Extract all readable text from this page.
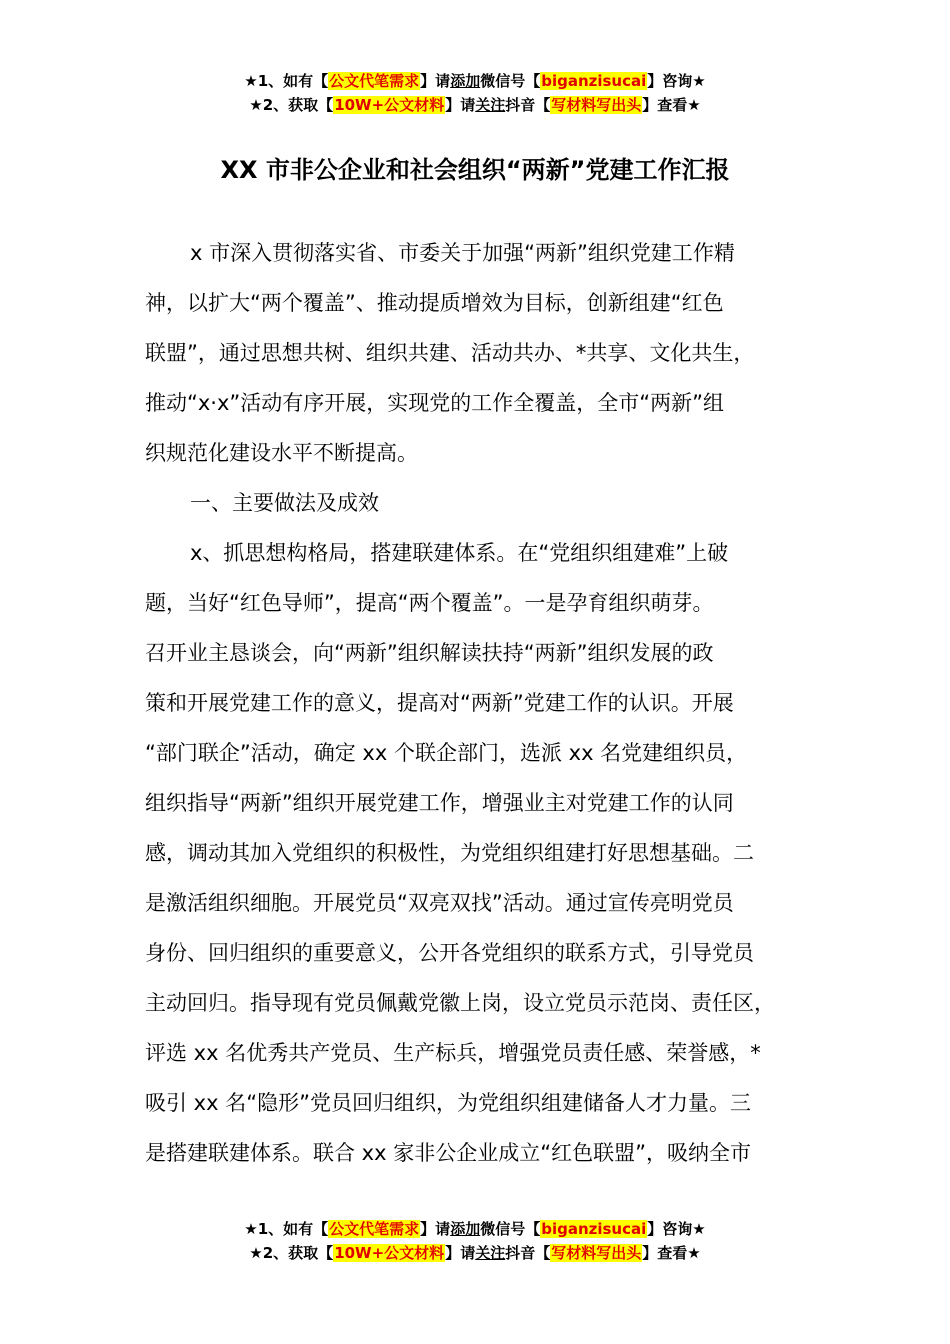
★1、如有【公文代笔需求】请添加微信号【biganzisucai】咨询★
★2、获取【10W+公文材料】请关注抖音【写材料写出头】查看★
XX 市非公企业和社会组织“两新”党建工作汇报
x 市深入贯彻落实省、市委关于加强“两新”组织党建工作精
神，以扩大“两个覆盖”、推动提质增效为目标，创新组建“红色
联盟”，通过思想共树、组织共建、活动共办、*共享、文化共生，
推动“x·x”活动有序开展，实现党的工作全覆盖，全市“两新”组
织规范化建设水平不断提高。
一、主要做法及成效
x、抓思想构格局，搭建联建体系。在“党组织组建难”上破
题，当好“红色导师”，提高“两个覆盖”。一是孕育组织萌芽。
召开业主恳谈会，向“两新”组织解读扶持“两新”组织发展的政
策和开展党建工作的意义，提高对“两新”党建工作的认识。开展
“部门联企”活动，确定 xx 个联企部门，选派 xx 名党建组织员，
组织指导“两新”组织开展党建工作，增强业主对党建工作的认同
感，调动其加入党组织的积极性，为党组织组建打好思想基础。二
是激活组织细胞。开展党员“双亮双找”活动。通过宣传亮明党员
身份、回归组织的重要意义，公开各党组织的联系方式，引导党员
主动回归。指导现有党员佩戴党徽上岗，设立党员示范岗、责任区，
评选 xx 名优秀共产党员、生产标兵，增强党员责任感、荣誉感，*
吸引 xx 名“隐形”党员回归组织，为党组织组建储备人才力量。三
是搭建联建体系。联合 xx 家非公企业成立“红色联盟”，吸纳全市
★1、如有【公文代笔需求】请添加微信号【biganzisucai】咨询★
★2、获取【10W+公文材料】请关注抖音【写材料写出头】查看★
